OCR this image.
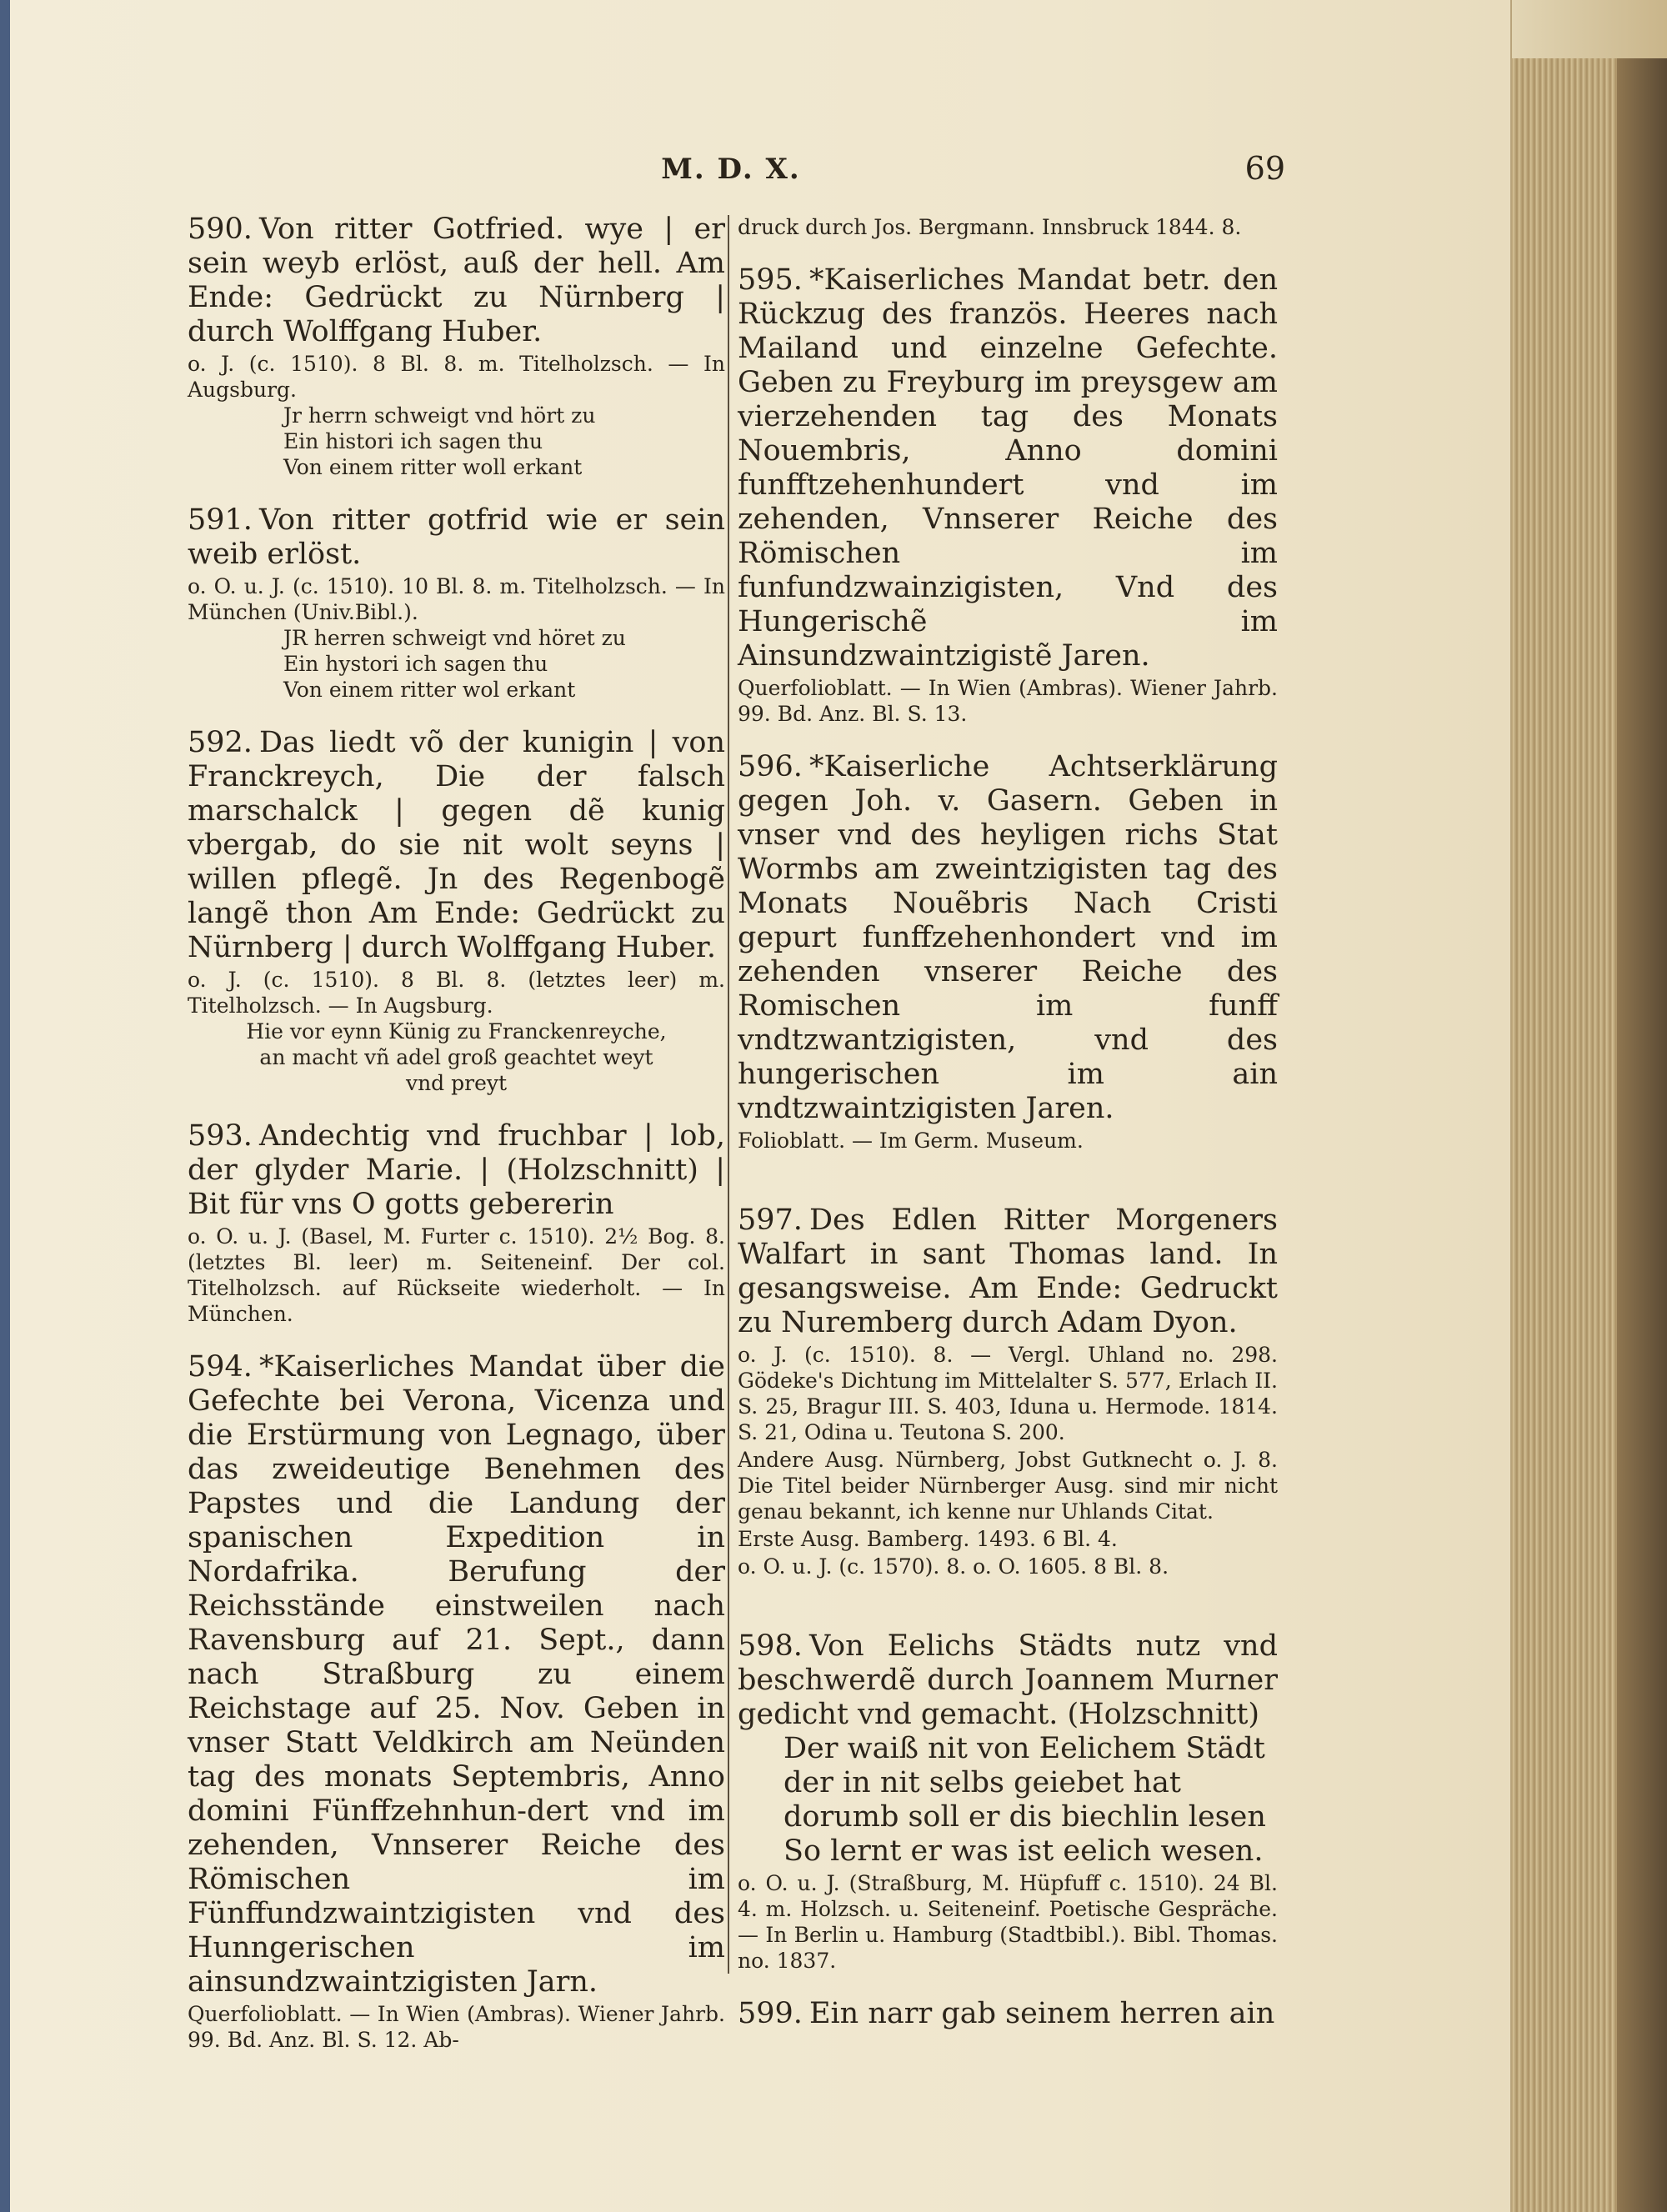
M. D. X.	69
590. Von ritter Gotfried. wye | er sein weyb erlöst, auß der hell. Am Ende: Gedrückt zu Nürnberg | durch Wolffgang Huber.
o. J. (c. 1510). 8 Bl. 8. m. Titelholzsch. — In Augsburg.
Jr herrn schweigt vnd hört zu
Ein histori ich sagen thu
Von einem ritter woll erkant
591. Von ritter gotfrid wie er sein weib erlöst.
o. O. u. J. (c. 1510). 10 Bl. 8. m. Titelholzsch. — In München (Univ.Bibl.).
JR herren schweigt vnd höret zu
Ein hystori ich sagen thu
Von einem ritter wol erkant
592. Das liedt võ der kunigin | von Franckreych, Die der falsch marschalck | gegen dẽ kunig vbergab, do sie nit wolt seyns | willen pflegẽ. Jn des Regenbogẽ langẽ thon Am Ende: Gedrückt zu Nürnberg | durch Wolffgang Huber.
o. J. (c. 1510). 8 Bl. 8. (letztes leer) m. Titelholzsch. — In Augsburg.
Hie vor eynn Künig zu Franckenreyche,
an macht vñ adel groß geachtet weyt
vnd preyt
593. Andechtig vnd fruchbar | lob, der glyder Marie. | (Holzschnitt) | Bit für vns O gotts gebererin
o. O. u. J. (Basel, M. Furter c. 1510). 2½ Bog. 8. (letztes Bl. leer) m. Seiteneinf. Der col. Titelholzsch. auf Rückseite wiederholt. — In München.
594. *Kaiserliches Mandat über die Gefechte bei Verona, Vicenza und die Erstürmung von Legnago, über das zweideutige Benehmen des Papstes und die Landung der spanischen Expedition in Nordafrika. Berufung der Reichsstände einstweilen nach Ravensburg auf 21. Sept., dann nach Straßburg zu einem Reichstage auf 25. Nov. Geben in vnser Statt Veldkirch am Neünden tag des monats Septembris, Anno domini Fünffzehnhun-dert vnd im zehenden, Vnnserer Reiche des Römischen im Fünffundzwaintzigisten vnd des Hunngerischen im ainsundzwaintzigisten Jarn.
Querfolioblatt. — In Wien (Ambras). Wiener Jahrb. 99. Bd. Anz. Bl. S. 12. Ab-
druck durch Jos. Bergmann. Innsbruck 1844. 8.
595. *Kaiserliches Mandat betr. den Rückzug des französ. Heeres nach Mailand und einzelne Gefechte. Geben zu Freyburg im preysgew am vierzehenden tag des Monats Nouembris, Anno domini funfftzehenhundert vnd im zehenden, Vnnserer Reiche des Römischen im funfundzwainzigisten, Vnd des Hungerischẽ im Ainsundzwaintzigistẽ Jaren.
Querfolioblatt. — In Wien (Ambras). Wiener Jahrb. 99. Bd. Anz. Bl. S. 13.
596. *Kaiserliche Achtserklärung gegen Joh. v. Gasern. Geben in vnser vnd des heyligen richs Stat Wormbs am zweintzigisten tag des Monats Nouẽbris Nach Cristi gepurt funffzehenhondert vnd im zehenden vnserer Reiche des Romischen im funff vndtzwantzigisten, vnd des hungerischen im ain vndtzwaintzigisten Jaren.
Folioblatt. — Im Germ. Museum.
597. Des Edlen Ritter Morgeners Walfart in sant Thomas land. In gesangsweise. Am Ende: Gedruckt zu Nuremberg durch Adam Dyon.
o. J. (c. 1510). 8. — Vergl. Uhland no. 298. Gödeke's Dichtung im Mittelalter S. 577, Erlach II. S. 25, Bragur III. S. 403, Iduna u. Hermode. 1814. S. 21, Odina u. Teutona S. 200.
Andere Ausg. Nürnberg, Jobst Gutknecht o. J. 8. Die Titel beider Nürnberger Ausg. sind mir nicht genau bekannt, ich kenne nur Uhlands Citat.
Erste Ausg. Bamberg. 1493. 6 Bl. 4.
o. O. u. J. (c. 1570). 8. o. O. 1605. 8 Bl. 8.
598. Von Eelichs Städts nutz vnd beschwerdẽ durch Joannem Murner gedicht vnd gemacht. (Holzschnitt)
Der waiß nit von Eelichem Städt
der in nit selbs geiebet hat
dorumb soll er dis biechlin lesen
So lernt er was ist eelich wesen.
o. O. u. J. (Straßburg, M. Hüpfuff c. 1510). 24 Bl. 4. m. Holzsch. u. Seiteneinf. Poetische Gespräche. — In Berlin u. Hamburg (Stadtbibl.). Bibl. Thomas. no. 1837.
599. Ein narr gab seinem herren ain
